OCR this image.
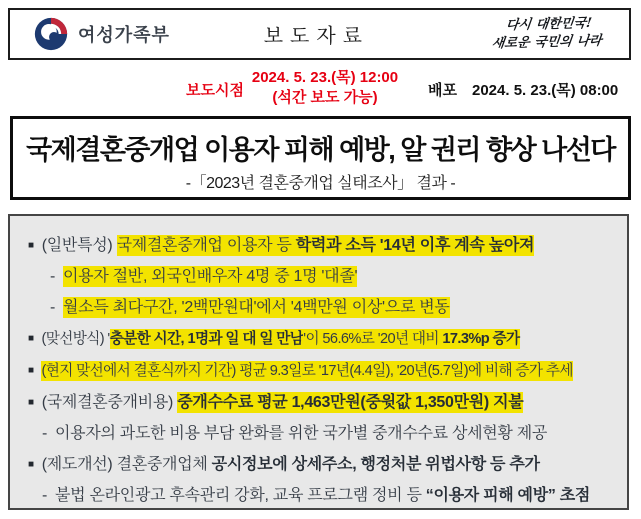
여성가족부	보도자료
다시 대한민국!
새로운 국민의 나라
보도시점
2024. 5. 23.(목) 12:00
(석간 보도 가능)	배포 2024. 5. 23.(목) 08:00
국제결혼중개업 이용자 피해 예방, 알 권리 향상 나선다
-「2023년 결혼중개업 실태조사」 결과 -
■ (일반특성) 국제결혼중개업 이용자 등 학력과 소득 '14년 이후 계속 높아져
- 이용자 절반, 외국인배우자 4명 중 1명 '대졸'
- 월소득 최다구간, '2백만원대'에서 '4백만원 이상'으로 변동
■ (맞선방식) '충분한 시간, 1명과 일 대 일 만남'이 56.6%로 '20년 대비 17.3%p 증가
■ (현지 맞선에서 결혼식까지 기간) 평균 9.3일로 '17년(4.4일), '20년(5.7일)에 비해 증가 추세
■ (국제결혼중개비용) 중개수수료 평균 1,463만원(중윗값 1,350만원) 지불
- 이용자의 과도한 비용 부담 완화를 위한 국가별 중개수수료 상세현황 제공
■ (제도개선) 결혼중개업체 공시정보에 상세주소, 행정처분 위법사항 등 추가
- 불법 온라인광고 후속관리 강화, 교육 프로그램 정비 등 “이용자 피해 예방” 초점
